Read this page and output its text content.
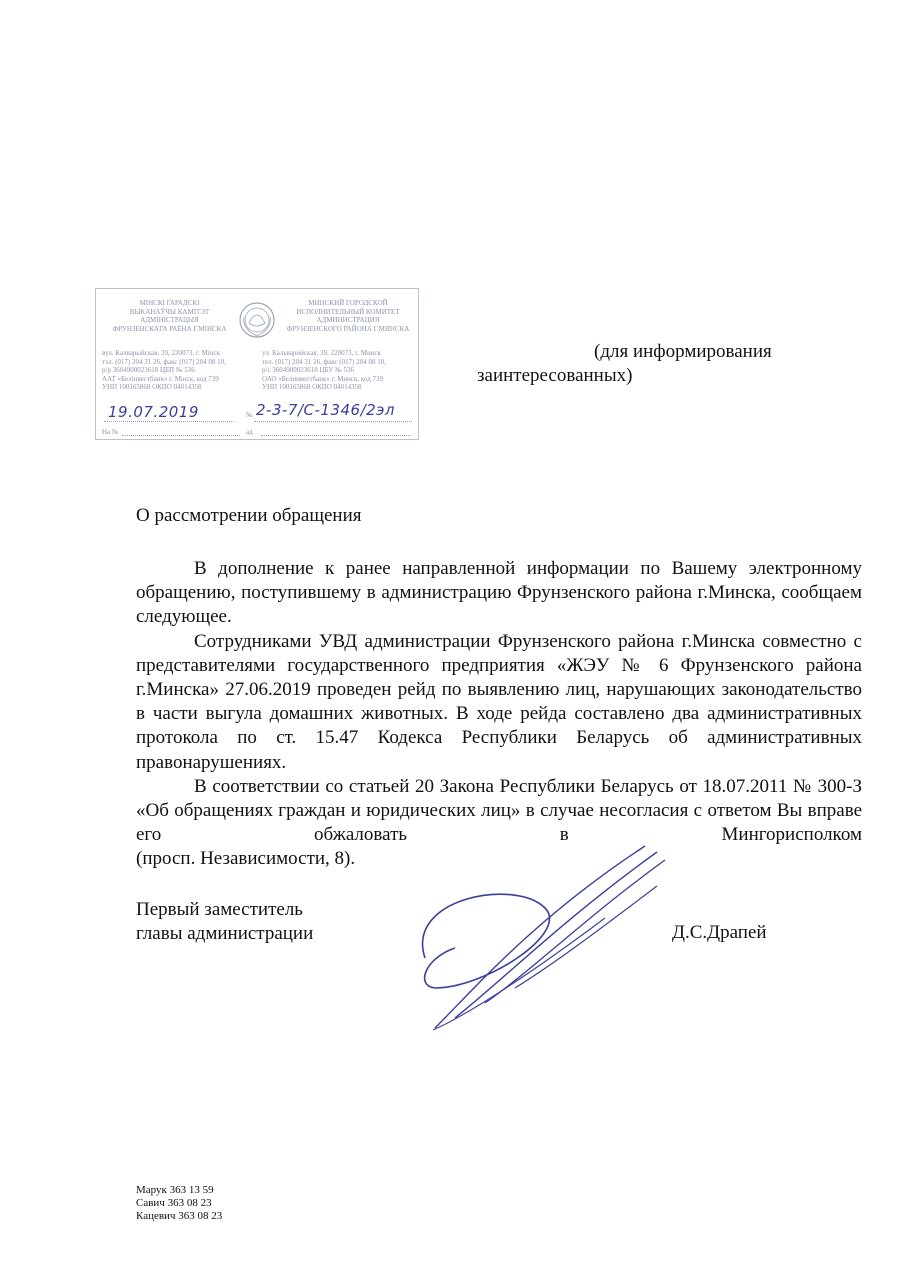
МІНСКІ ГАРАДСКІ
ВЫКАНАЎЧЫ КАМІТЭТ
АДМІНІСТРАЦЫЯ
ФРУНЗЕНСКАГА РАЁНА Г.МІНСКА
МИНСКИЙ ГОРОДСКОЙ
ИСПОЛНИТЕЛЬНЫЙ КОМИТЕТ
АДМИНИСТРАЦИЯ
ФРУНЗЕНСКОГО РАЙОНА Г.МИНСКА
вул. Калварыйская, 39, 220073, г. Мінск
тэл. (017) 204 31 26, факс (017) 204 08 10,
р/р 3604900023618 ЦБП № 536
ААТ «Белінвестбанк» г. Мінск, код 739
УНП 100165868 ОКПО 04014358
ул. Кальварийская, 39, 220073, г. Минск
тел. (017) 204 31 26, факс (017) 204 08 10,
р/с 3604900023618 ЦБУ № 536
ОАО «Белинвестбанк» г. Минск, код 739
УНП 100165868 ОКПО 04014358
19.07.2019	№ 2-3-7/С-1346/2эл
На №	ад
(для информирования
заинтересованных)
О рассмотрении обращения

В дополнение к ранее направленной информации по Вашему электронному обращению, поступившему в администрацию Фрунзенского района г.Минска, сообщаем следующее.

Сотрудниками УВД администрации Фрунзенского района г.Минска совместно с представителями государственного предприятия «ЖЭУ № 6 Фрунзенского района г.Минска» 27.06.2019 проведен рейд по выявлению лиц, нарушающих законодательство в части выгула домашних животных. В ходе рейда составлено два административных протокола по ст. 15.47 Кодекса Республики Беларусь об административных правонарушениях.

В соответствии со статьей 20 Закона Республики Беларусь от 18.07.2011 № 300-З «Об обращениях граждан и юридических лиц» в случае несогласия с ответом Вы вправе его обжаловать в Мингорисполком

(просп. Независимости, 8).

Первый заместитель
главы администрации	Д.С.Драпей
Марук 363 13 59
Савич 363 08 23
Кацевич 363 08 23
